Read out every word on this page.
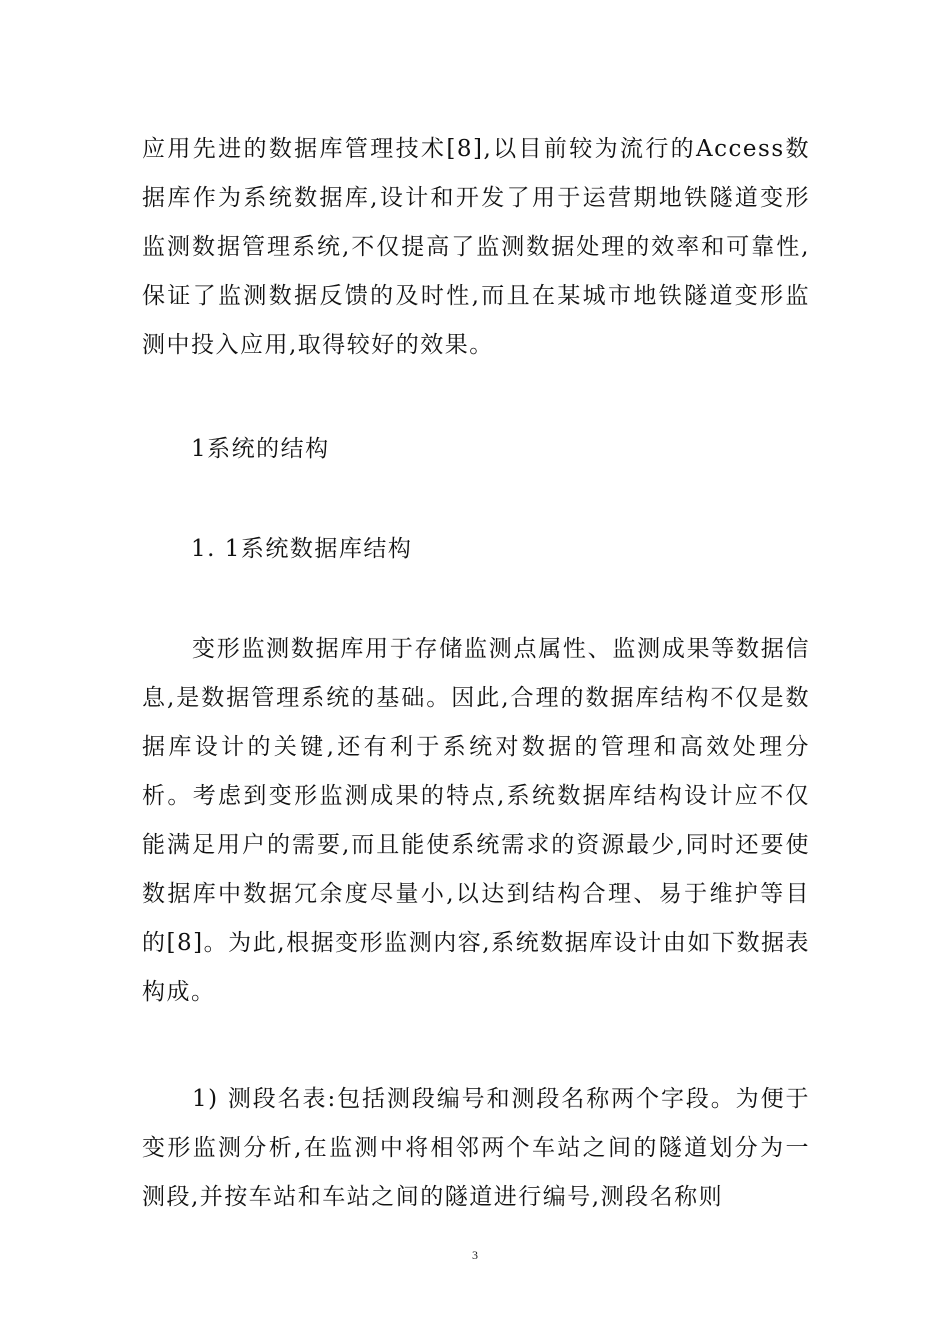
应用先进的数据库管理技术[8],以目前较为流行的Access数据库作为系统数据库,设计和开发了用于运营期地铁隧道变形监测数据管理系统,不仅提高了监测数据处理的效率和可靠性,保证了监测数据反馈的及时性,而且在某城市地铁隧道变形监测中投入应用,取得较好的效果。

1系统的结构

1. 1系统数据库结构

变形监测数据库用于存储监测点属性、监测成果等数据信息,是数据管理系统的基础。因此,合理的数据库结构不仅是数据库设计的关键,还有利于系统对数据的管理和高效处理分析。考虑到变形监测成果的特点,系统数据库结构设计应不仅能满足用户的需要,而且能使系统需求的资源最少,同时还要使数据库中数据冗余度尽量小,以达到结构合理、易于维护等目的[8]。为此,根据变形监测内容,系统数据库设计由如下数据表构成。

1) 测段名表:包括测段编号和测段名称两个字段。为便于变形监测分析,在监测中将相邻两个车站之间的隧道划分为一测段,并按车站和车站之间的隧道进行编号,测段名称则

3
